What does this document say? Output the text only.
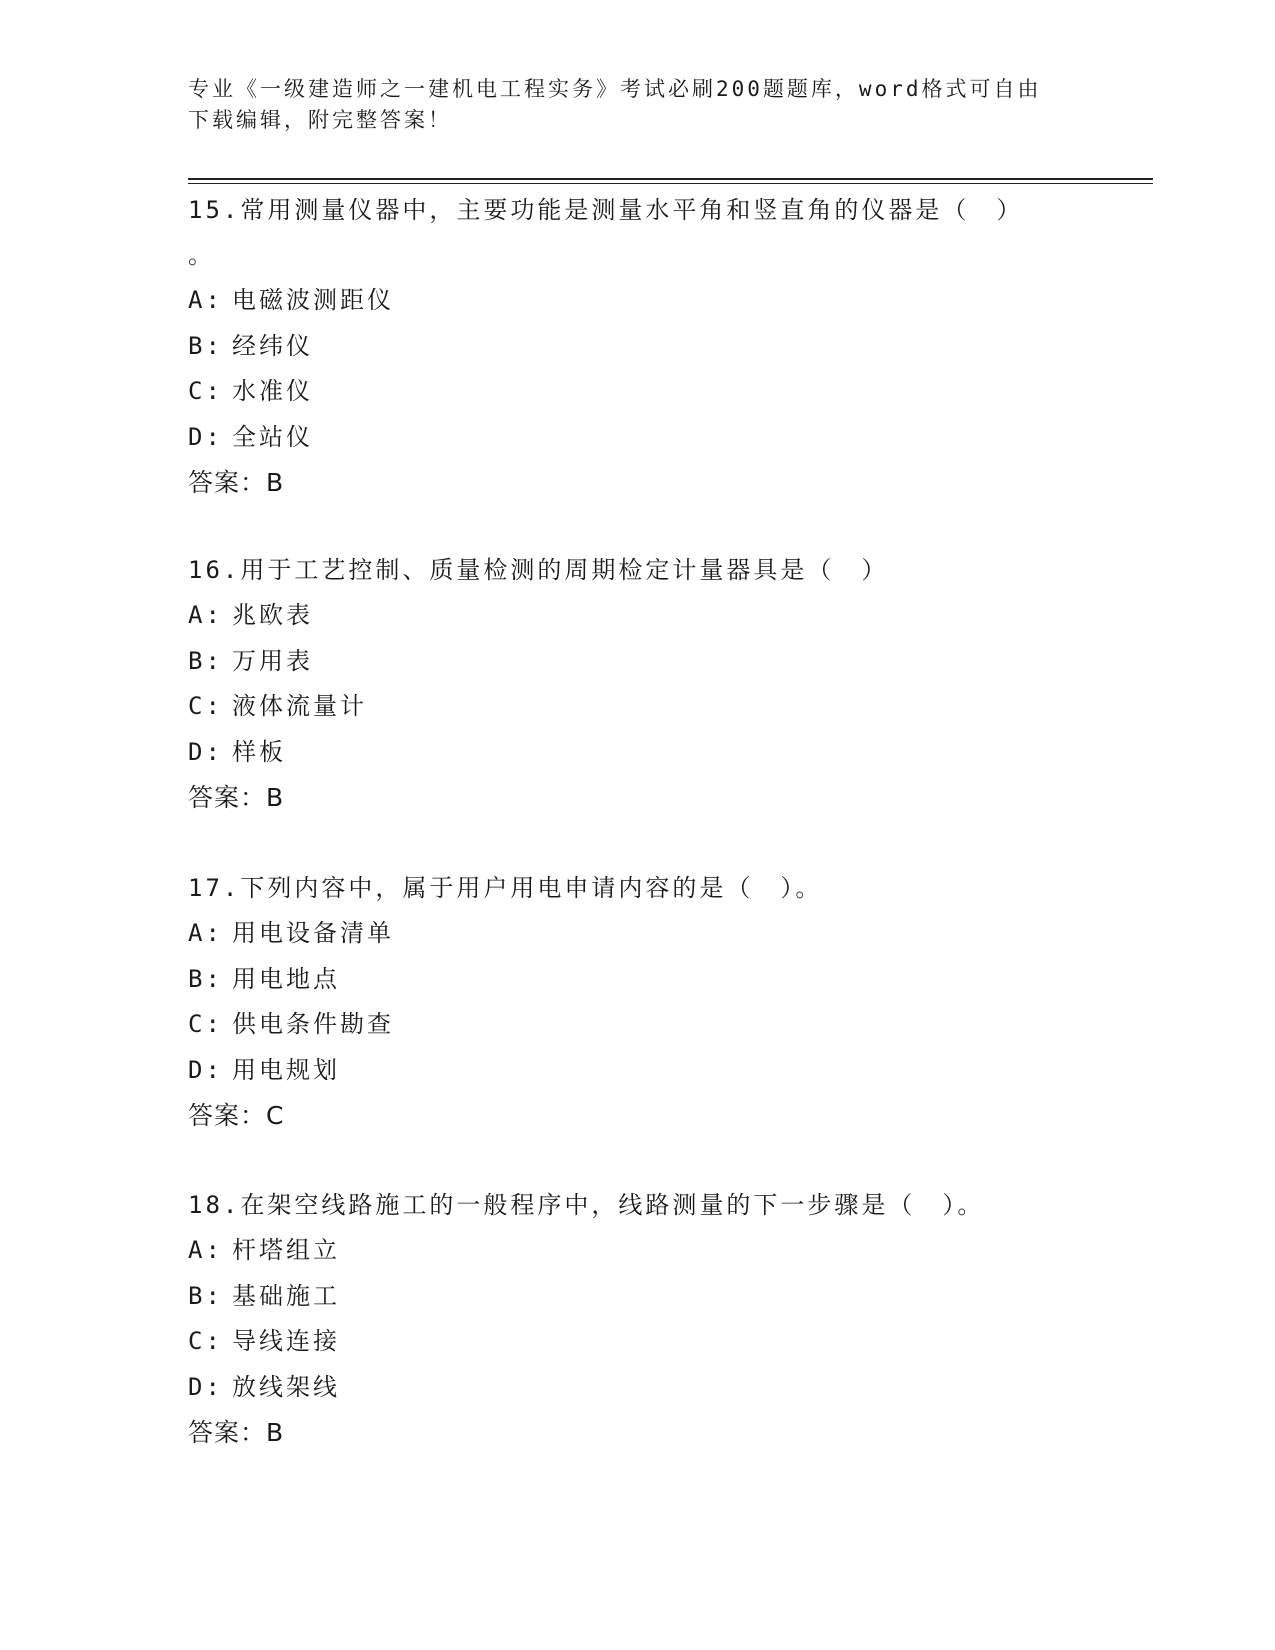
专业《一级建造师之一建机电工程实务》考试必刷200题题库，word格式可自由
下载编辑，附完整答案！

15.常用测量仪器中，主要功能是测量水平角和竖直角的仪器是（　）

。

A: 电磁波测距仪

B: 经纬仪

C: 水准仪

D: 全站仪

答案：B

16.用于工艺控制、质量检测的周期检定计量器具是（　）

A: 兆欧表

B: 万用表

C: 液体流量计

D: 样板

答案：B

17.下列内容中，属于用户用电申请内容的是（　）。

A: 用电设备清单

B: 用电地点

C: 供电条件勘查

D: 用电规划

答案：C

18.在架空线路施工的一般程序中，线路测量的下一步骤是（　）。

A: 杆塔组立

B: 基础施工

C: 导线连接

D: 放线架线

答案：B
